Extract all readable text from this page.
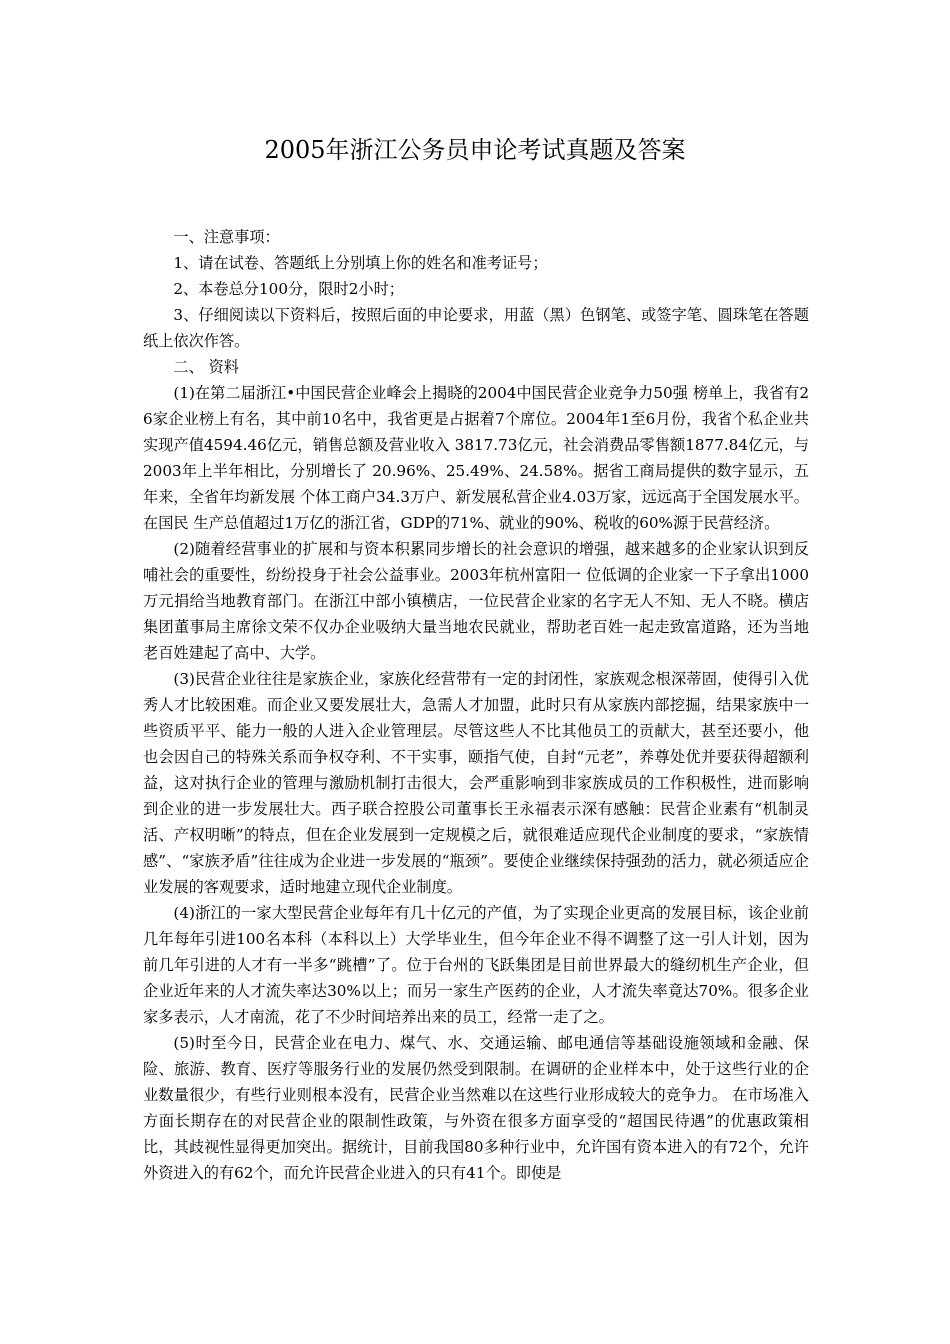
2005年浙江公务员申论考试真题及答案

一、注意事项：

1、请在试卷、答题纸上分别填上你的姓名和准考证号；

2、本卷总分100分，限时2小时；

3、仔细阅读以下资料后，按照后面的申论要求，用蓝（黑）色钢笔、或签字笔、圆珠笔在答题纸上依次作答。

二、 资料

(1)在第二届浙江•中国民营企业峰会上揭晓的2004中国民营企业竞争力50强 榜单上，我省有26家企业榜上有名，其中前10名中，我省更是占据着7个席位。2004年1至6月份，我省个私企业共实现产值4594.46亿元，销售总额及营业收入 3817.73亿元，社会消费品零售额1877.84亿元，与2003年上半年相比，分别增长了 20.96%、25.49%、24.58%。据省工商局提供的数字显示，五年来，全省年均新发展 个体工商户34.3万户、新发展私营企业4.03万家，远远高于全国发展水平。在国民 生产总值超过1万亿的浙江省，GDP的71%、就业的90%、税收的60%源于民营经济。

(2)随着经营事业的扩展和与资本积累同步增长的社会意识的增强，越来越多的企业家认识到反哺社会的重要性，纷纷投身于社会公益事业。2003年杭州富阳一 位低调的企业家一下子拿出1000万元捐给当地教育部门。在浙江中部小镇横店，一位民营企业家的名字无人不知、无人不晓。横店集团董事局主席徐文荣不仅办企业吸纳大量当地农民就业，帮助老百姓一起走致富道路，还为当地老百姓建起了高中、大学。

(3)民营企业往往是家族企业，家族化经营带有一定的封闭性，家族观念根深蒂固，使得引入优秀人才比较困难。而企业又要发展壮大，急需人才加盟，此时只有从家族内部挖掘，结果家族中一些资质平平、能力一般的人进入企业管理层。尽管这些人不比其他员工的贡献大，甚至还要小，他也会因自己的特殊关系而争权夺利、不干实事，颐指气使，自封“元老”，养尊处优并要获得超额利益，这对执行企业的管理与激励机制打击很大，会严重影响到非家族成员的工作积极性，进而影响到企业的进一步发展壮大。西子联合控股公司董事长王永福表示深有感触：民营企业素有“机制灵活、产权明晰”的特点，但在企业发展到一定规模之后，就很难适应现代企业制度的要求，“家族情感”、“家族矛盾”往往成为企业进一步发展的“瓶颈”。要使企业继续保持强劲的活力，就必须适应企业发展的客观要求，适时地建立现代企业制度。

(4)浙江的一家大型民营企业每年有几十亿元的产值，为了实现企业更高的发展目标，该企业前几年每年引进100名本科（本科以上）大学毕业生，但今年企业不得不调整了这一引人计划，因为前几年引进的人才有一半多“跳槽”了。位于台州的飞跃集团是目前世界最大的缝纫机生产企业，但企业近年来的人才流失率达30%以上；而另一家生产医药的企业，人才流失率竟达70%。很多企业家多表示，人才南流，花了不少时间培养出来的员工，经常一走了之。

(5)时至今日，民营企业在电力、煤气、水、交通运输、邮电通信等基础设施领域和金融、保险、旅游、教育、医疗等服务行业的发展仍然受到限制。在调研的企业样本中，处于这些行业的企业数量很少，有些行业则根本没有，民营企业当然难以在这些行业形成较大的竞争力。 在市场准入方面长期存在的对民营企业的限制性政策，与外资在很多方面享受的“超国民待遇”的优惠政策相比，其歧视性显得更加突出。据统计，目前我国80多种行业中，允许国有资本进入的有72个，允许外资进入的有62个，而允许民营企业进入的只有41个。即使是
